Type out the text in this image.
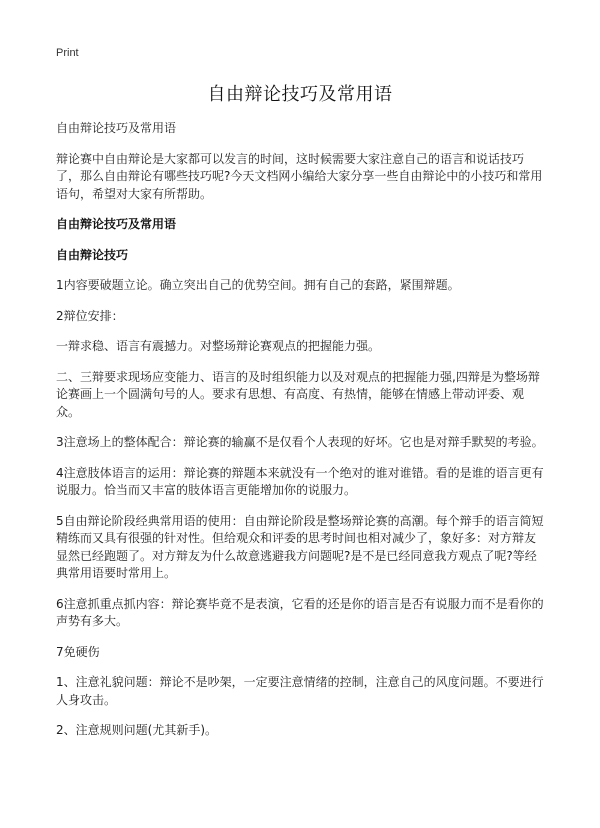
Print
自由辩论技巧及常用语

自由辩论技巧及常用语

辩论赛中自由辩论是大家都可以发言的时间，这时候需要大家注意自己的语言和说话技巧了，那么自由辩论有哪些技巧呢?今天文档网小编给大家分享一些自由辩论中的小技巧和常用语句，希望对大家有所帮助。

自由辩论技巧及常用语

自由辩论技巧

1内容要破题立论。确立突出自己的优势空间。拥有自己的套路，紧围辩题。

2辩位安排：

一辩求稳、语言有震撼力。对整场辩论赛观点的把握能力强。

二、三辩要求现场应变能力、语言的及时组织能力以及对观点的把握能力强,四辩是为整场辩论赛画上一个圆满句号的人。要求有思想、有高度、有热情，能够在情感上带动评委、观众。

3注意场上的整体配合：辩论赛的输赢不是仅看个人表现的好坏。它也是对辩手默契的考验。

4注意肢体语言的运用：辩论赛的辩题本来就没有一个绝对的谁对谁错。看的是谁的语言更有说服力。恰当而又丰富的肢体语言更能增加你的说服力。

5自由辩论阶段经典常用语的使用：自由辩论阶段是整场辩论赛的高潮。每个辩手的语言简短精练而又具有很强的针对性。但给观众和评委的思考时间也相对减少了，象好多：对方辩友显然已经跑题了。对方辩友为什么故意逃避我方问题呢?是不是已经同意我方观点了呢?等经典常用语要时常用上。

6注意抓重点抓内容：辩论赛毕竟不是表演，它看的还是你的语言是否有说服力而不是看你的声势有多大。

7免硬伤

1、注意礼貌问题：辩论不是吵架，一定要注意情绪的控制，注意自己的风度问题。不要进行人身攻击。

2、注意规则问题(尤其新手)。
